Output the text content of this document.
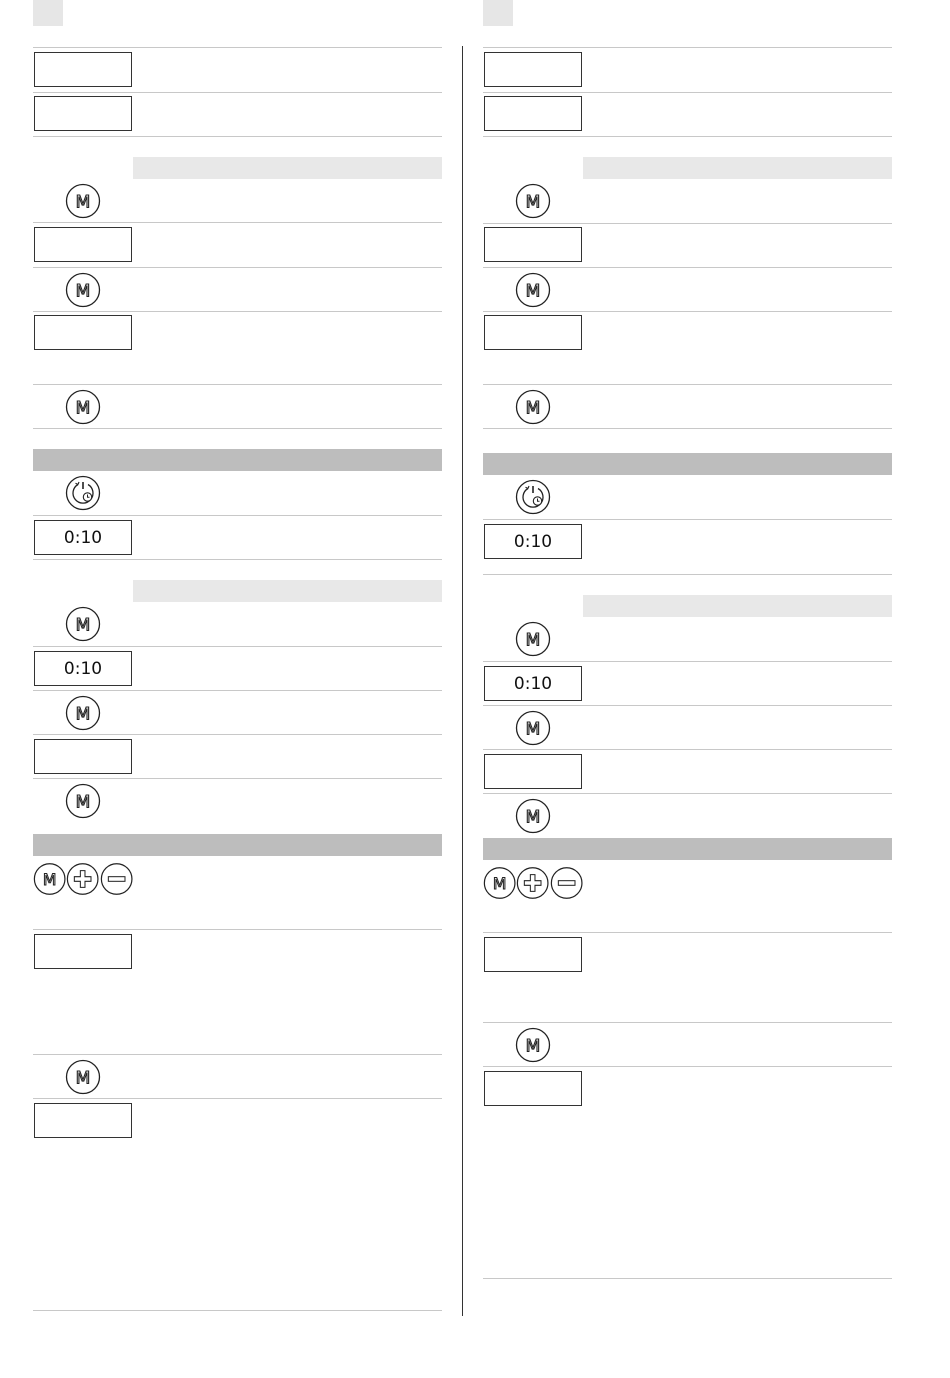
M
M
M
0:10
M
0:10
M
M
M
M
M
M
M
0:10
M
0:10
M
M
M
M
